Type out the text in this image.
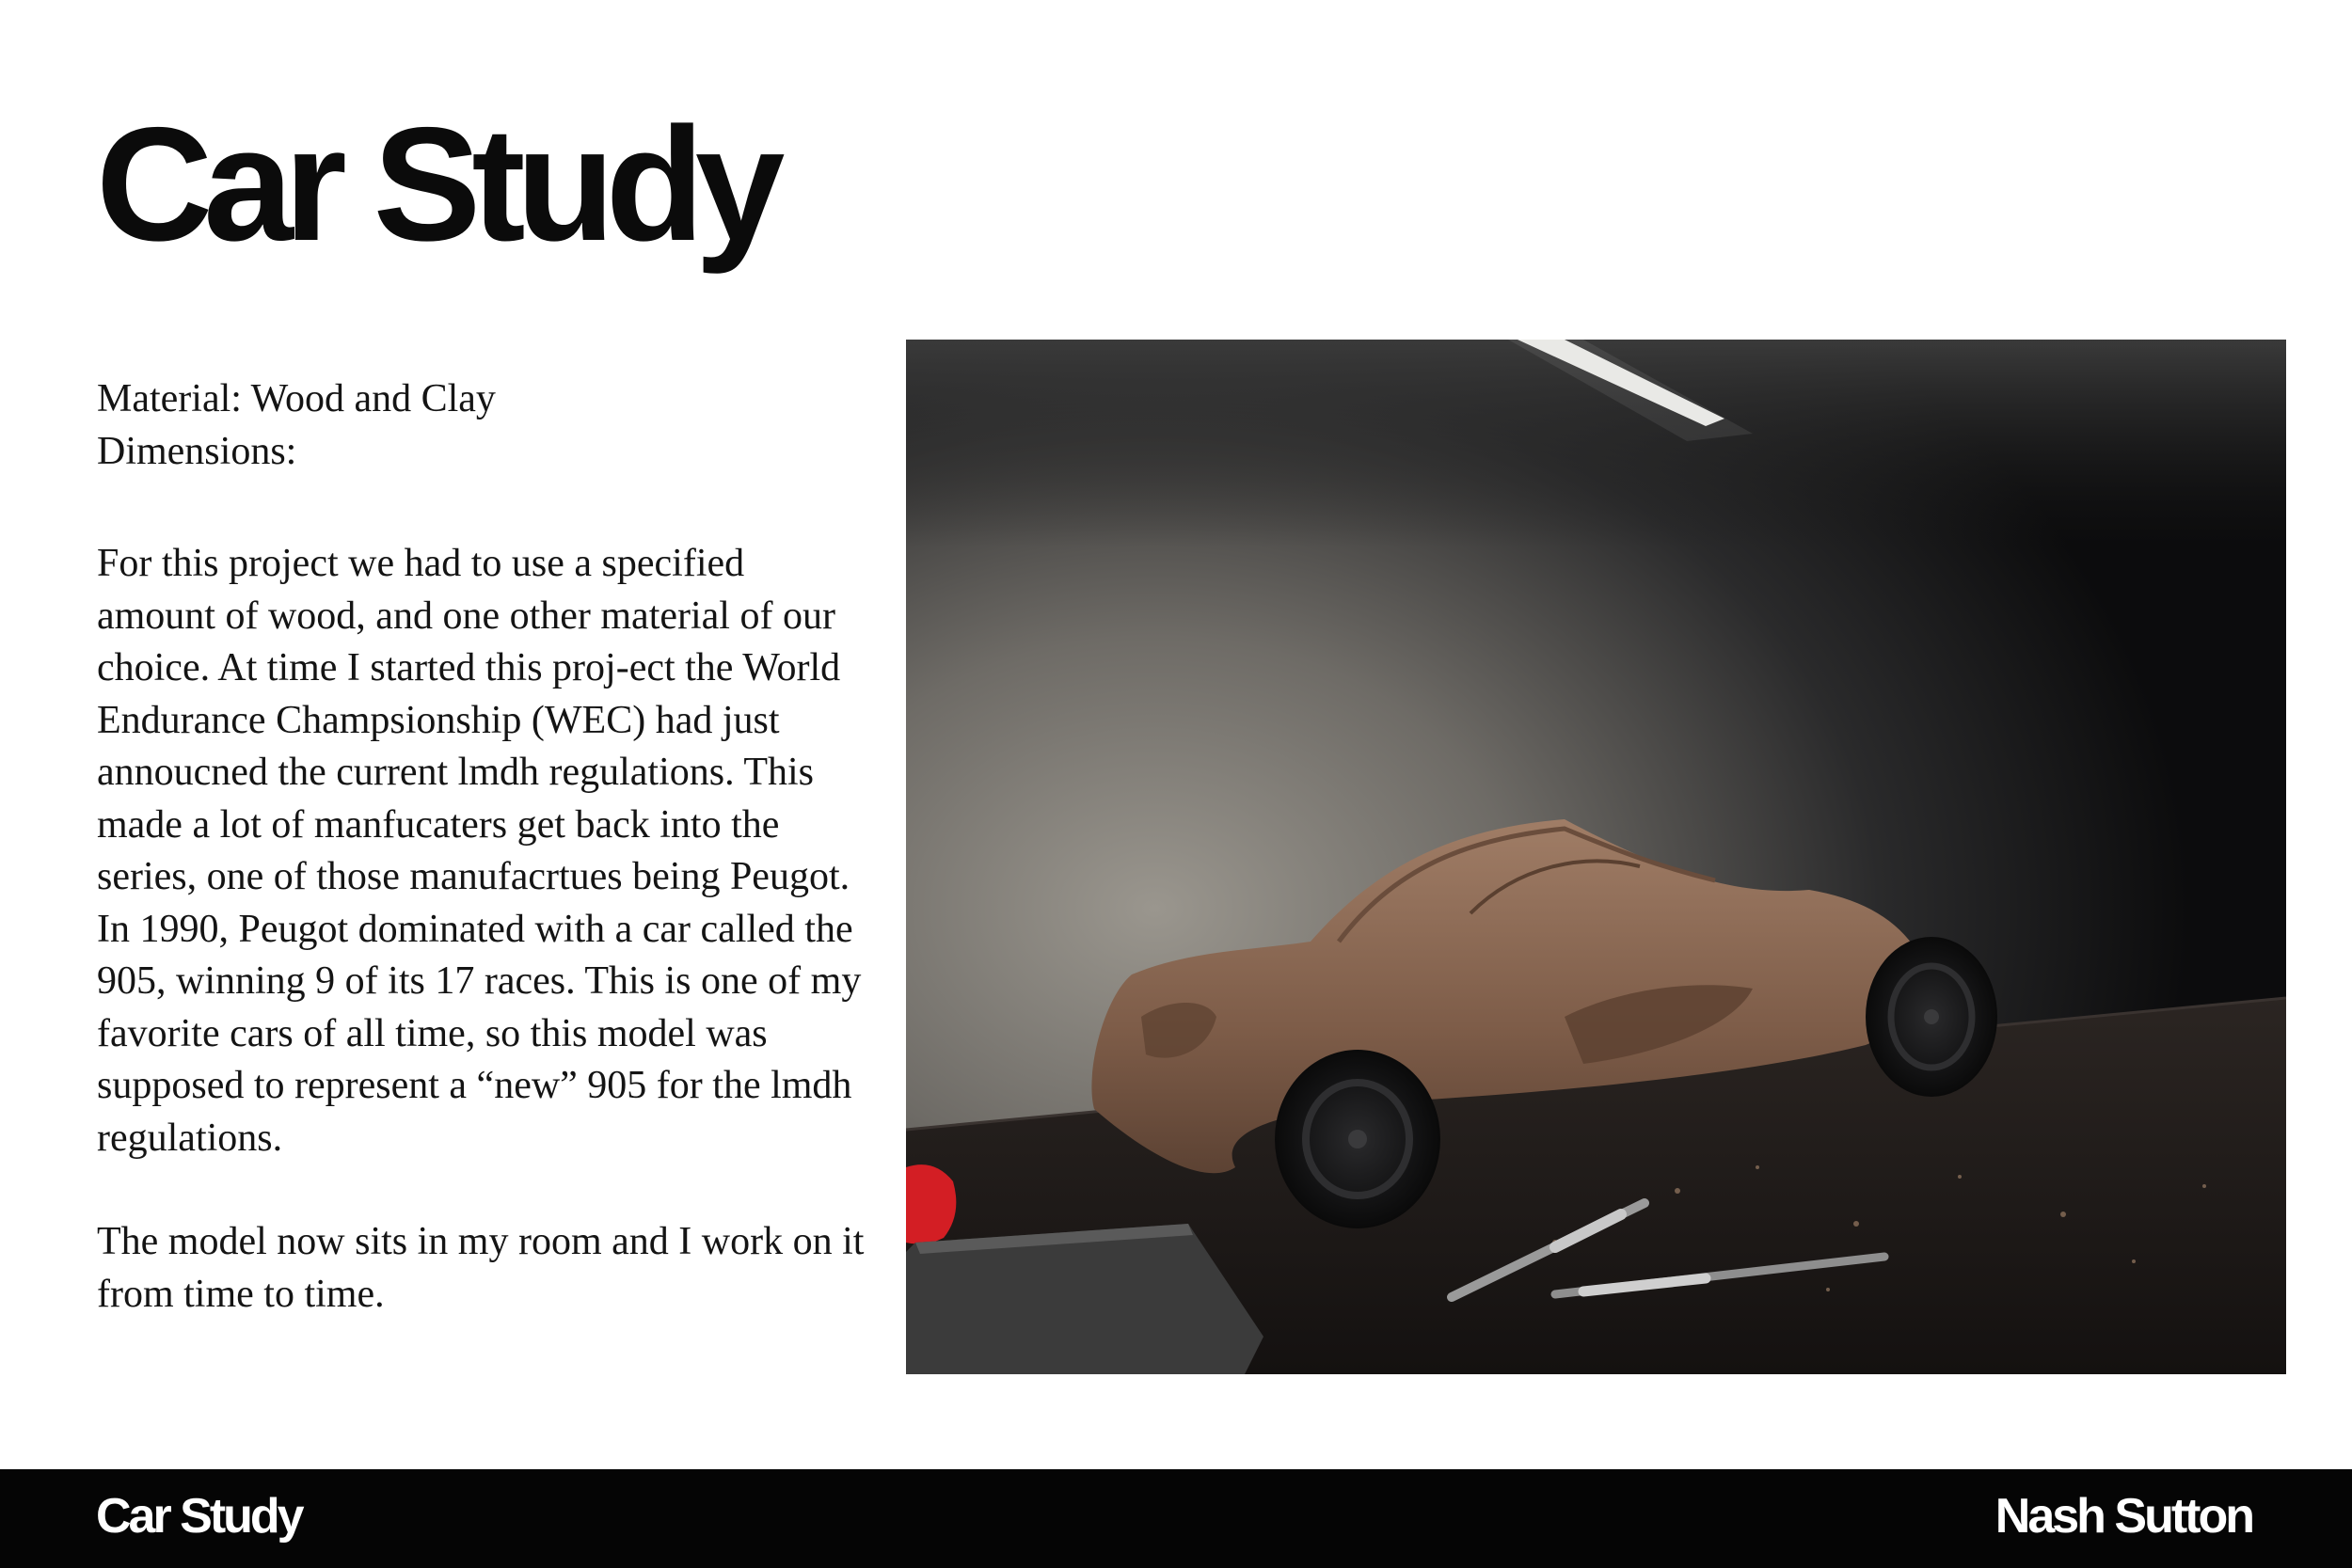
Car Study

Material: Wood and Clay

Dimensions:

For this project we had to use a specified amount of wood, and one other material of our choice. At time I started this proj-ect the World Endurance Champsionship (WEC) had just annoucned the current lmdh regulations. This made a lot of manfucaters get back into the series, one of those manufacrtues being Peugot. In 1990, Peugot dominated with a car called the 905, winning 9 of its 17 races. This is one of my favorite cars of all time, so this model was supposed to represent a “new” 905 for the lmdh regulations.

The model now sits in my room and I work on it from time to time.

Car Study	Nash Sutton
